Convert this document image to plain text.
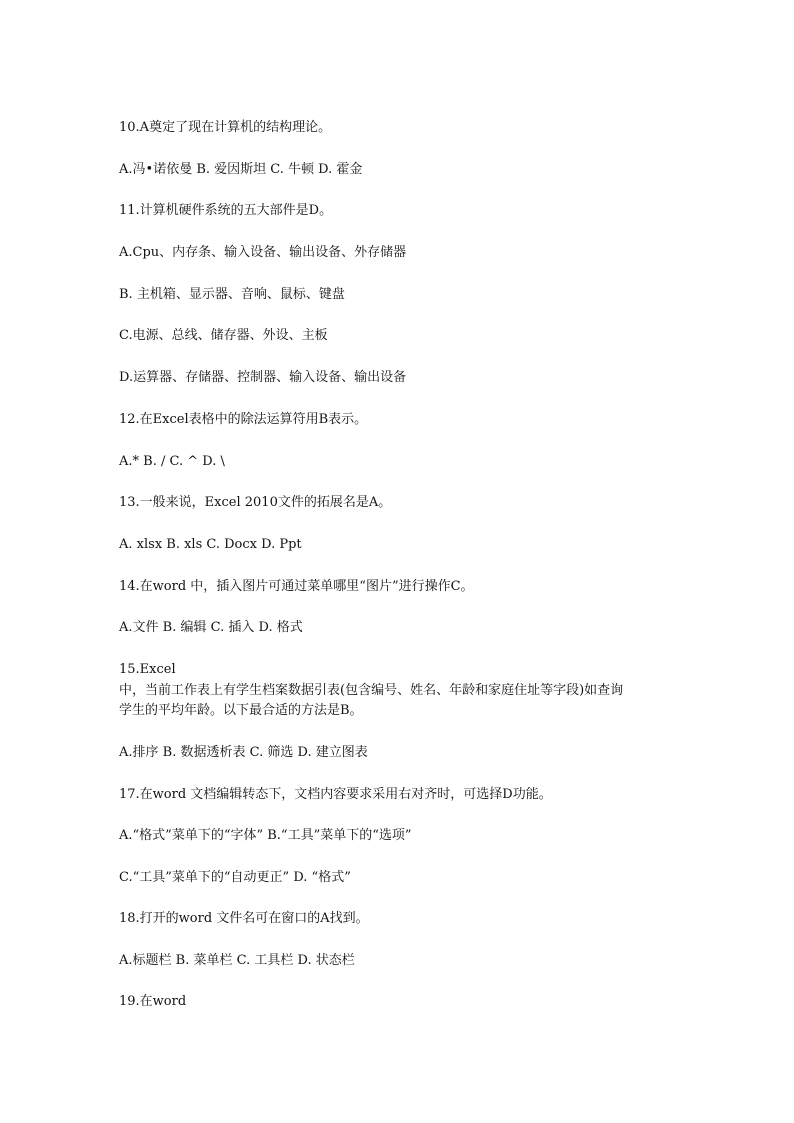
10.A奠定了现在计算机的结构理论。
A.冯•诺依曼 B. 爱因斯坦 C. 牛顿 D. 霍金
11.计算机硬件系统的五大部件是D。
A.Cpu、内存条、输入设备、输出设备、外存储器
B. 主机箱、显示器、音响、鼠标、键盘
C.电源、总线、储存器、外设、主板
D.运算器、存储器、控制器、输入设备、输出设备
12.在Excel表格中的除法运算符用B表示。
A.* B. / C. ^ D. \
13.一般来说，Excel 2010文件的拓展名是A。
A. xlsx B. xls C. Docx D. Ppt
14.在word 中，插入图片可通过菜单哪里“图片”进行操作C。
A.文件 B. 编辑 C. 插入 D. 格式
15.Excel
中，当前工作表上有学生档案数据引表(包含编号、姓名、年龄和家庭住址等字段)如查询
学生的平均年龄。以下最合适的方法是B。
A.排序 B. 数据透析表 C. 筛选 D. 建立图表
17.在word 文档编辑转态下，文档内容要求采用右对齐时，可选择D功能。
A.“格式”菜单下的“字体” B.“工具”菜单下的“选项”
C.“工具”菜单下的“自动更正” D. “格式”
18.打开的word 文件名可在窗口的A找到。
A.标题栏 B. 菜单栏 C. 工具栏 D. 状态栏
19.在word
